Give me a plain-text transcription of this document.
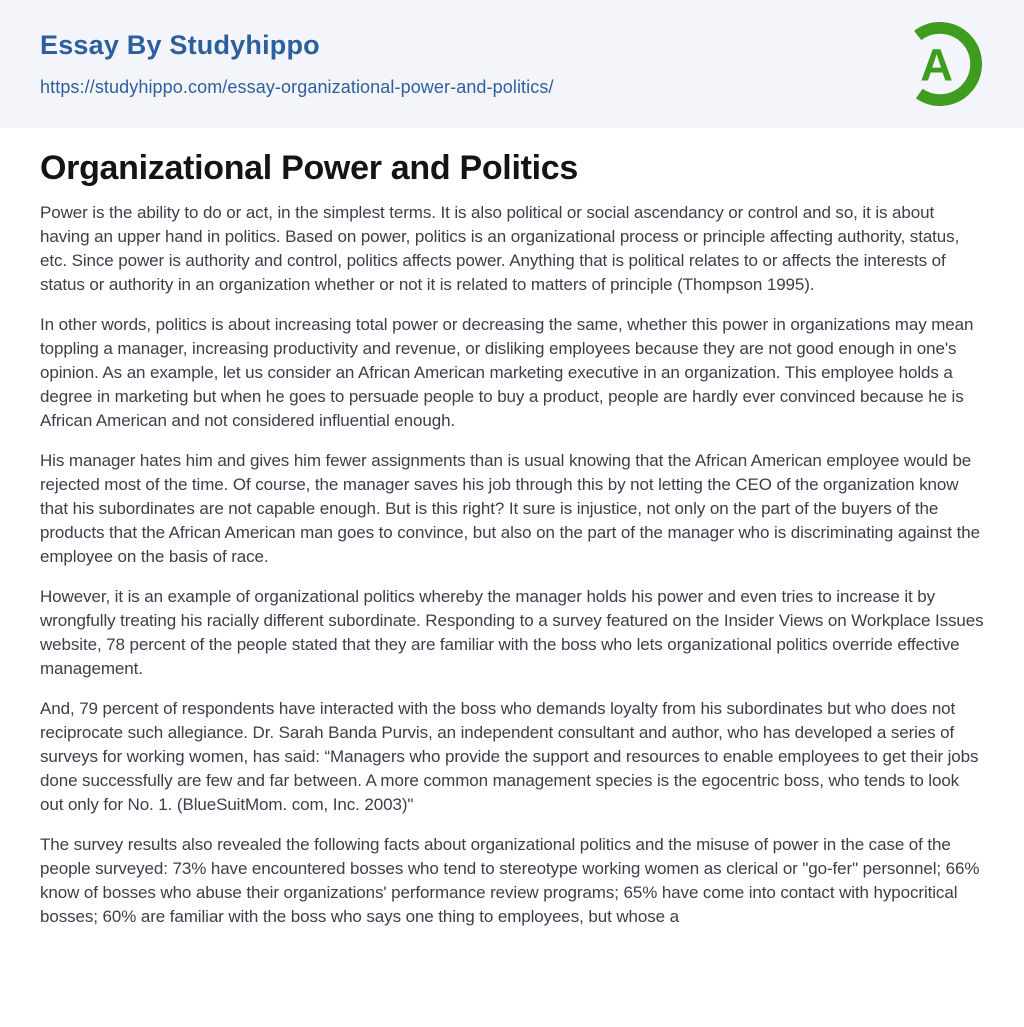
Essay By Studyhippo
https://studyhippo.com/essay-organizational-power-and-politics/	A
Organizational Power and Politics

Power is the ability to do or act, in the simplest terms. It is also political or social ascendancy or control and so, it is about having an upper hand in politics. Based on power, politics is an organizational process or principle affecting authority, status, etc. Since power is authority and control, politics affects power. Anything that is political relates to or affects the interests of status or authority in an organization whether or not it is related to matters of principle (Thompson 1995).

In other words, politics is about increasing total power or decreasing the same, whether this power in organizations may mean toppling a manager, increasing productivity and revenue, or disliking employees because they are not good enough in one's opinion. As an example, let us consider an African American marketing executive in an organization. This employee holds a degree in marketing but when he goes to persuade people to buy a product, people are hardly ever convinced because he is African American and not considered influential enough.

His manager hates him and gives him fewer assignments than is usual knowing that the African American employee would be rejected most of the time. Of course, the manager saves his job through this by not letting the CEO of the organization know that his subordinates are not capable enough. But is this right? It sure is injustice, not only on the part of the buyers of the products that the African American man goes to convince, but also on the part of the manager who is discriminating against the employee on the basis of race.

However, it is an example of organizational politics whereby the manager holds his power and even tries to increase it by wrongfully treating his racially different subordinate. Responding to a survey featured on the Insider Views on Workplace Issues website, 78 percent of the people stated that they are familiar with the boss who lets organizational politics override effective management.

And, 79 percent of respondents have interacted with the boss who demands loyalty from his subordinates but who does not reciprocate such allegiance. Dr. Sarah Banda Purvis, an independent consultant and author, who has developed a series of surveys for working women, has said: “Managers who provide the support and resources to enable employees to get their jobs done successfully are few and far between. A more common management species is the egocentric boss, who tends to look out only for No. 1. (BlueSuitMom. com, Inc. 2003)"

The survey results also revealed the following facts about organizational politics and the misuse of power in the case of the people surveyed: 73% have encountered bosses who tend to stereotype working women as clerical or "go-fer" personnel; 66% know of bosses who abuse their organizations' performance review programs; 65% have come into contact with hypocritical bosses; 60% are familiar with the boss who says one thing to employees, but whose a
